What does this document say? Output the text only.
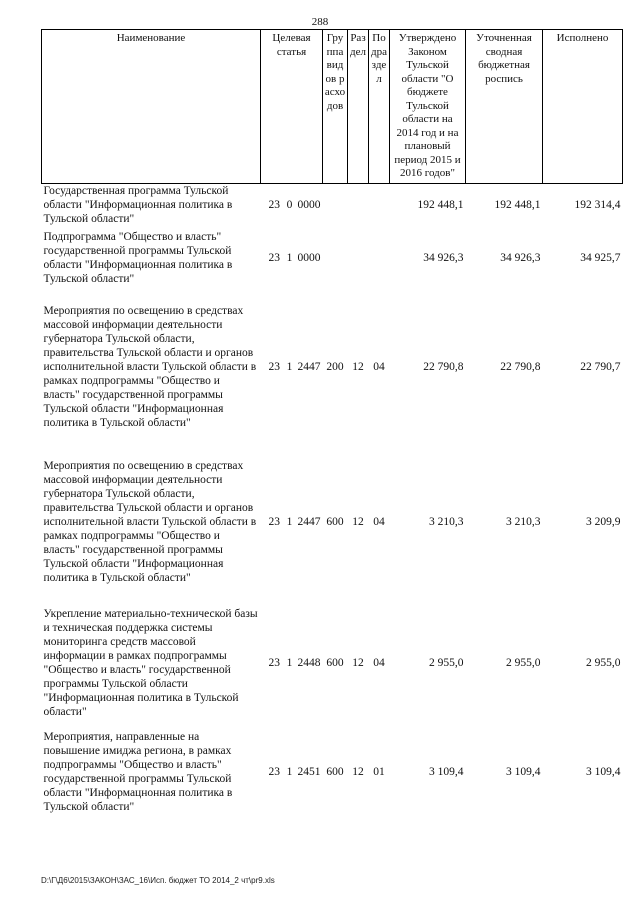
288
Наименование	Целевая статья	Группа видов расходов	Раздел	Подраздел	Утверждено Законом Тульской области "О бюджете Тульской области на 2014 год и на плановый период 2015 и 2016 годов"	Уточненная сводная бюджетная роспись	Исполнено
Государственная программа Тульской области "Информационная политика в Тульской области"	23 0 0000				192 448,1	192 448,1	192 314,4
Подпрограмма "Общество и власть" государственной программы Тульской области "Информационная политика в Тульской области"	23 1 0000				34 926,3	34 926,3	34 925,7
Мероприятия по освещению в средствах массовой информации деятельности губернатора Тульской области, правительства Тульской области и органов исполнительной власти Тульской области в рамках подпрограммы "Общество и власть" государственной программы Тульской области "Информационная политика в Тульской области"	23 1 2447	200	12	04	22 790,8	22 790,8	22 790,7
Мероприятия по освещению в средствах массовой информации деятельности губернатора Тульской области, правительства Тульской области и органов исполнительной власти Тульской области в рамках подпрограммы "Общество и власть" государственной программы Тульской области "Информационная политика в Тульской области"	23 1 2447	600	12	04	3 210,3	3 210,3	3 209,9
Укрепление материально-технической базы и техническая поддержка системы мониторинга средств массовой информации в рамках подпрограммы "Общество и власть" государственной программы Тульской области "Информационная политика в Тульской области"	23 1 2448	600	12	04	2 955,0	2 955,0	2 955,0
Мероприятия, направленные на повышение имиджа региона, в рамках подпрограммы "Общество и власть" государственной программы Тульской области "Информацнонная политика в Тульской области"	23 1 2451	600	12	01	3 109,4	3 109,4	3 109,4
D:\Г\Д6\2015\ЗАКОН\ЗАС_16\Исп. бюджет ТО 2014_2 чт\pr9.xls
